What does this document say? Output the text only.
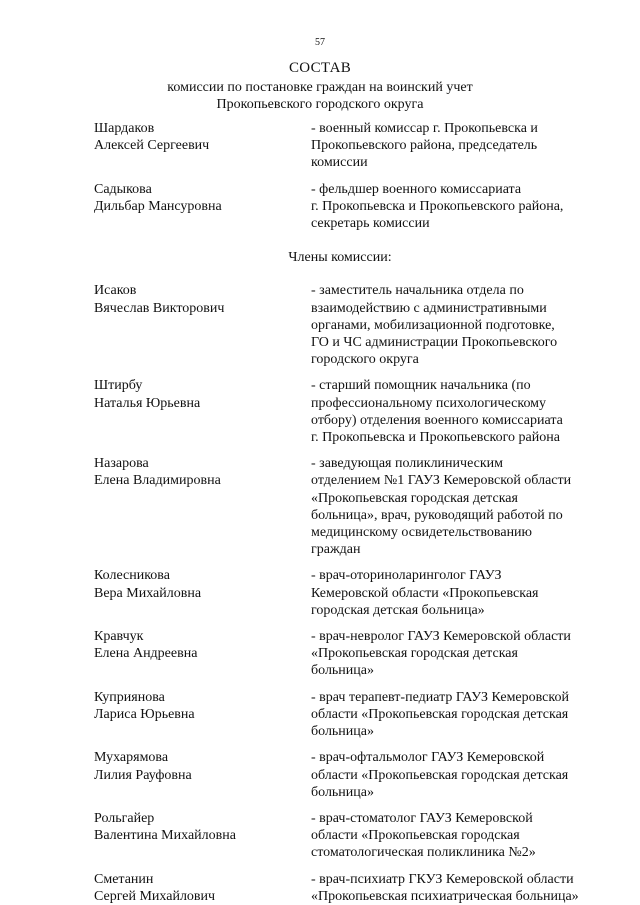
57
СОСТАВ
комиссии по постановке граждан на воинский учет
Прокопьевского городского округа
Шардаков
Алексей Сергеевич
- военный комиссар г. Прокопьевска и
Прокопьевского района, председатель
комиссии
Садыкова
Дильбар Мансуровна
- фельдшер военного комиссариата
г. Прокопьевска и Прокопьевского района,
секретарь комиссии
Члены комиссии:
Исаков
Вячеслав Викторович
- заместитель начальника отдела по
взаимодействию с административными
органами, мобилизационной подготовке,
ГО и ЧС администрации Прокопьевского
городского округа
Штирбу
Наталья Юрьевна
- старший помощник начальника (по
профессиональному психологическому
отбору) отделения военного комиссариата
г. Прокопьевска и Прокопьевского района
Назарова
Елена Владимировна
- заведующая поликлиническим
отделением №1 ГАУЗ Кемеровской области
«Прокопьевская городская детская
больница», врач, руководящий работой по
медицинскому освидетельствованию
граждан
Колесникова
Вера Михайловна
- врач-оториноларинголог ГАУЗ
Кемеровской области «Прокопьевская
городская детская больница»
Кравчук
Елена Андреевна
- врач-невролог ГАУЗ Кемеровской области
«Прокопьевская городская детская
больница»
Куприянова
Лариса Юрьевна
- врач терапевт-педиатр ГАУЗ Кемеровской
области «Прокопьевская городская детская
больница»
Мухарямова
Лилия Рауфовна
- врач-офтальмолог ГАУЗ Кемеровской
области «Прокопьевская городская детская
больница»
Рольгайер
Валентина Михайловна
- врач-стоматолог ГАУЗ Кемеровской
области «Прокопьевская городская
стоматологическая поликлиника №2»
Сметанин
Сергей Михайлович
- врач-психиатр ГКУЗ Кемеровской области
«Прокопьевская психиатрическая больница»
